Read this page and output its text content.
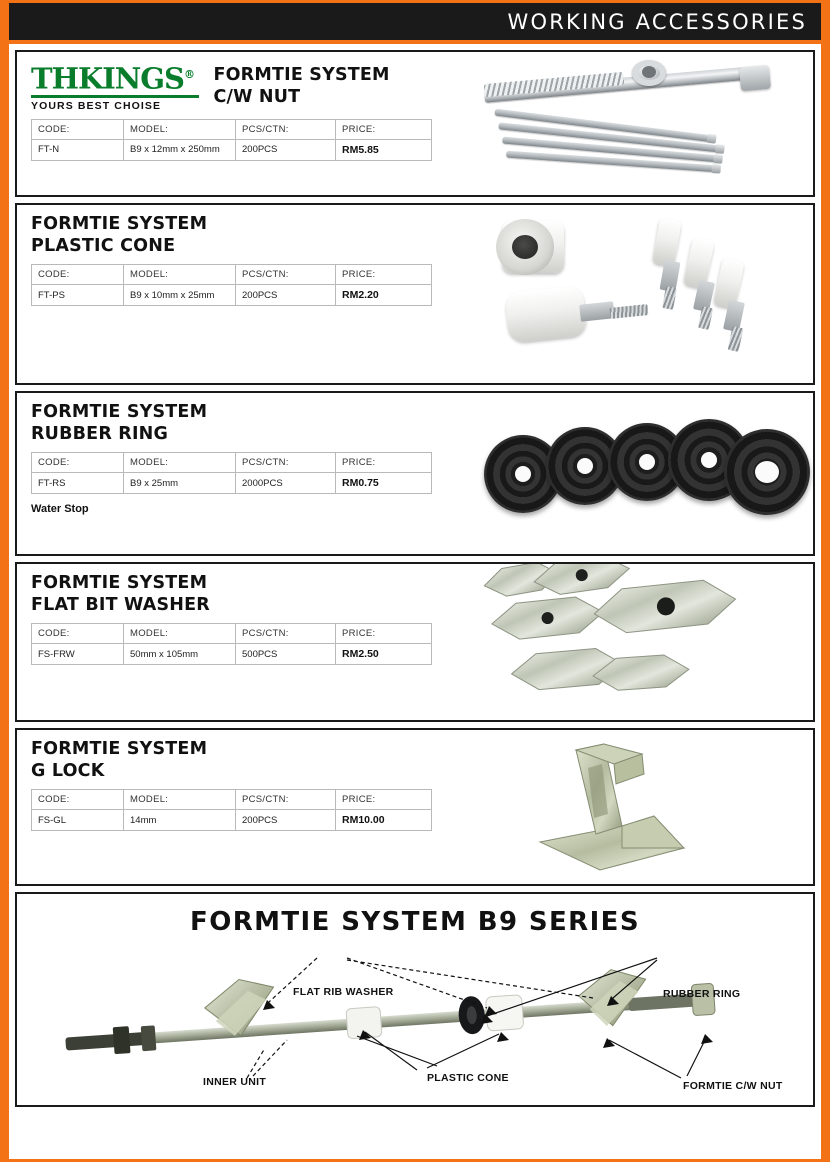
WORKING ACCESSORIES
THKINGS®
YOURS BEST CHOISE

FORMTIE SYSTEM
C/W NUT
CODE:	MODEL:	PCS/CTN:	PRICE:
FT-N	B9 x 12mm x 250mm	200PCS	RM5.85
FORMTIE SYSTEM
PLASTIC CONE
CODE:	MODEL:	PCS/CTN:	PRICE:
FT-PS	B9 x 10mm x 25mm	200PCS	RM2.20
FORMTIE SYSTEM
RUBBER RING
CODE:	MODEL:	PCS/CTN:	PRICE:
FT-RS	B9 x 25mm	2000PCS	RM0.75
Water Stop
FORMTIE SYSTEM
FLAT BIT WASHER
CODE:	MODEL:	PCS/CTN:	PRICE:
FS-FRW	50mm x 105mm	500PCS	RM2.50
FORMTIE SYSTEM
G LOCK
CODE:	MODEL:	PCS/CTN:	PRICE:
FS-GL	14mm	200PCS	RM10.00
FORMTIE SYSTEM B9 SERIES
FLAT RIB WASHER	RUBBER RING
INNER UNIT	PLASTIC CONE
FORMTIE C/W NUT
